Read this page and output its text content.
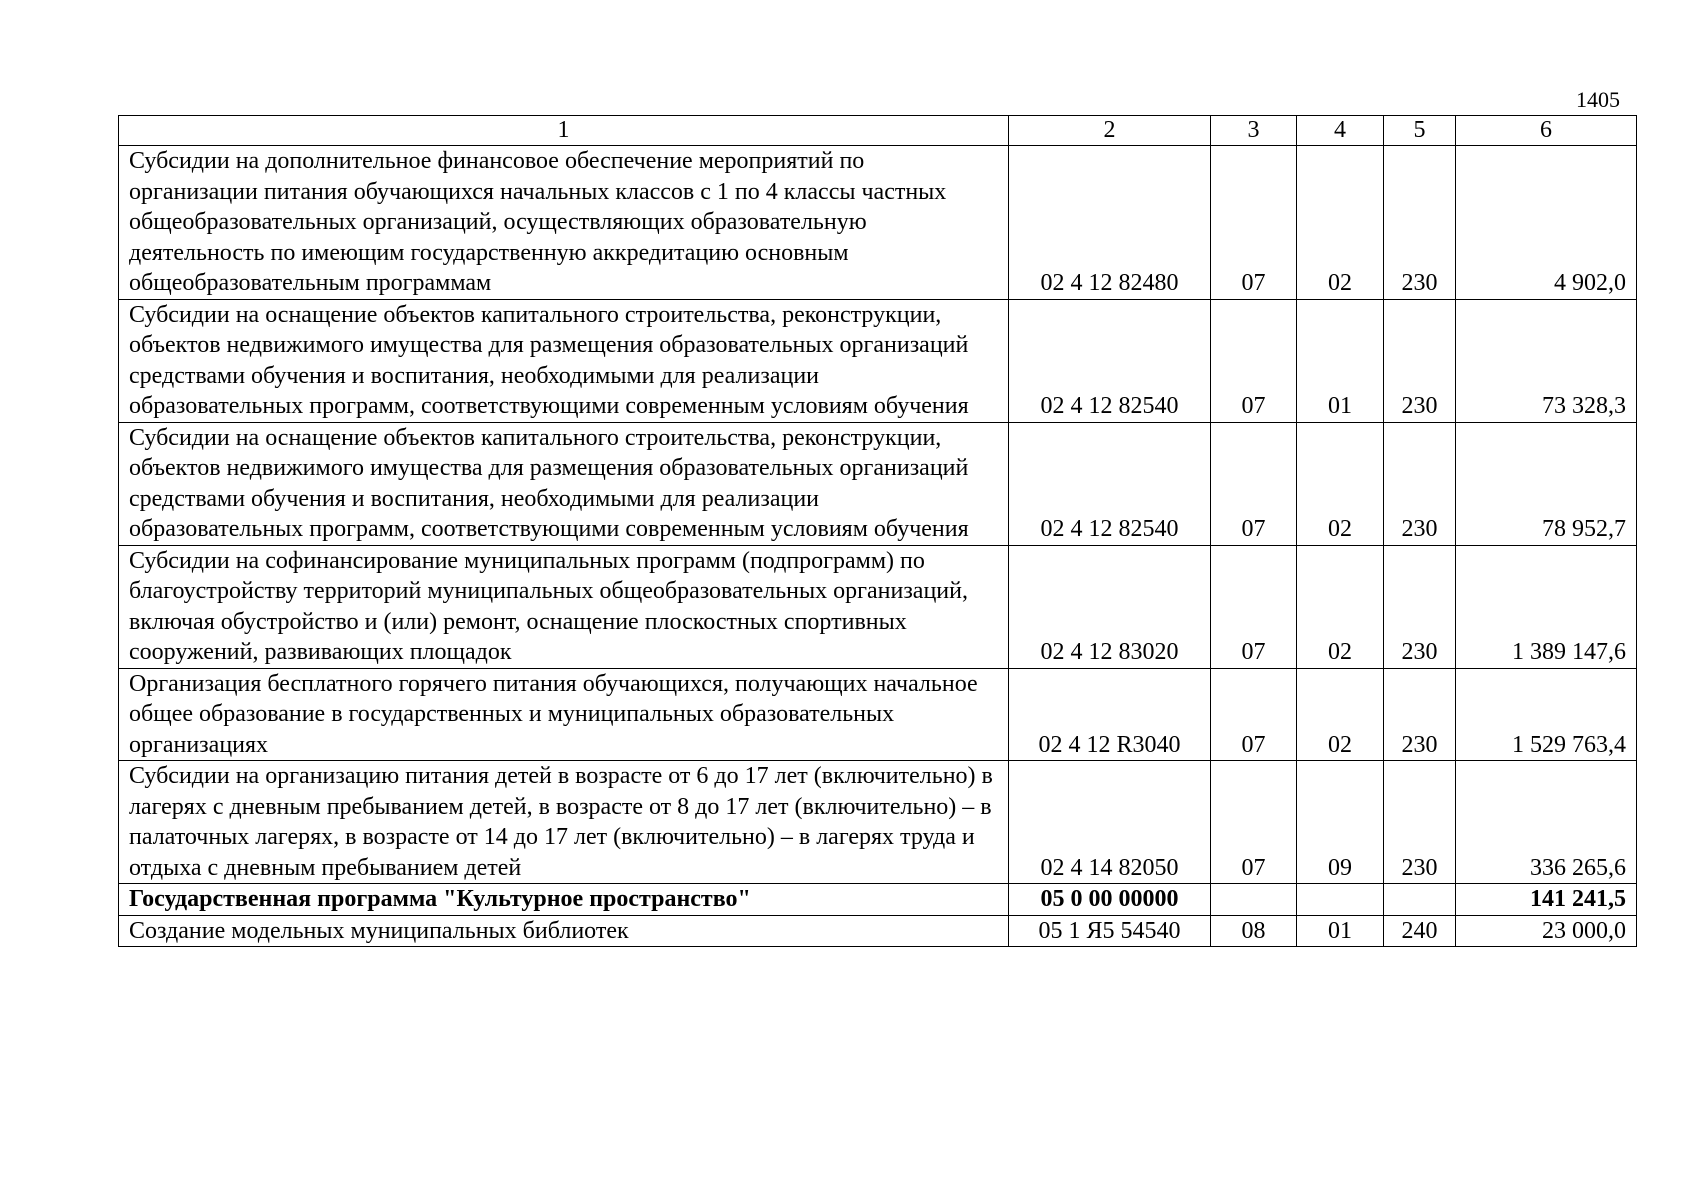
1405
1	2	3	4	5	6
Субсидии на дополнительное финансовое обеспечение мероприятий по организации питания обучающихся начальных классов с 1 по 4 классы частных общеобразовательных организаций, осуществляющих образовательную деятельность по имеющим государственную аккредитацию основным общеобразовательным программам	02 4 12 82480	07	02	230	4 902,0
Субсидии на оснащение объектов капитального строительства, реконструкции, объектов недвижимого имущества для размещения образовательных организаций средствами обучения и воспитания, необходимыми для реализации образовательных программ, соответствующими современным условиям обучения	02 4 12 82540	07	01	230	73 328,3
Субсидии на оснащение объектов капитального строительства, реконструкции, объектов недвижимого имущества для размещения образовательных организаций средствами обучения и воспитания, необходимыми для реализации образовательных программ, соответствующими современным условиям обучения	02 4 12 82540	07	02	230	78 952,7
Субсидии на софинансирование муниципальных программ (подпрограмм) по благоустройству территорий муниципальных общеобразовательных организаций, включая обустройство и (или) ремонт, оснащение плоскостных спортивных сооружений, развивающих площадок	02 4 12 83020	07	02	230	1 389 147,6
Организация бесплатного горячего питания обучающихся, получающих начальное общее образование в государственных и муниципальных образовательных организациях	02 4 12 R3040	07	02	230	1 529 763,4
Субсидии на организацию питания детей в возрасте от 6 до 17 лет (включительно) в лагерях с дневным пребыванием детей, в возрасте от 8 до 17 лет (включительно) – в палаточных лагерях, в возрасте от 14 до 17 лет (включительно) – в лагерях труда и отдыха с дневным пребыванием детей	02 4 14 82050	07	09	230	336 265,6
Государственная программа "Культурное пространство"	05 0 00 00000				141 241,5
Создание модельных муниципальных библиотек	05 1 Я5 54540	08	01	240	23 000,0
